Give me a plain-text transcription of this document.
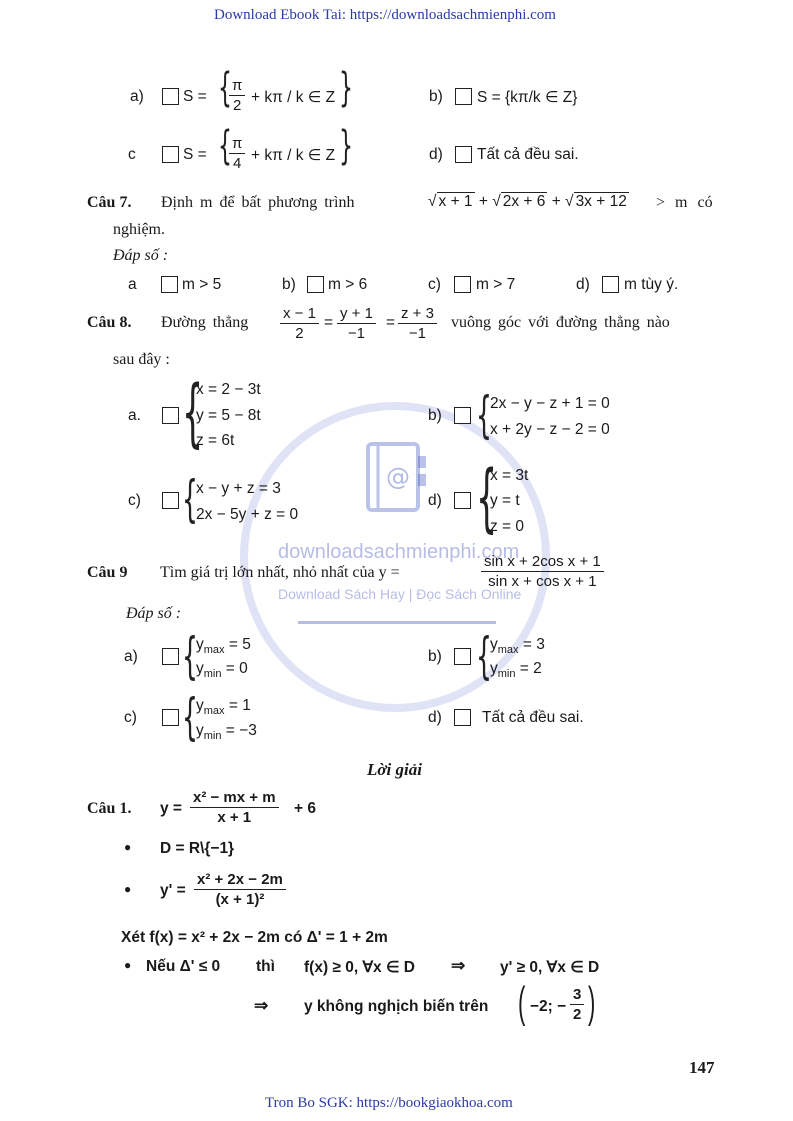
Download Ebook Tai: https://downloadsachmienphi.com
Tron Bo SGK: https://bookgiaokhoa.com
147
@
downloadsachmienphi.com
Download Sách Hay | Đọc Sách Online
a)	S = {
$\frac{\pi}{2} + k\pi / k$ ∈ Z }	b) S = {kπ/k ∈ Z}
c	S = {
$\frac{\pi}{4} + k\pi / k$ ∈ Z }	d) Tất cả đều sai.
Câu 7. Định m để bất phương trình	√ x + 1 + √ 2x + 6 + √ 3x + 12 > m có
nghiệm.
Đáp số :
a	m > 5	b) m > 6	c) m > 7	d) m tùy ý.
Câu 8. Đường thẳng $\frac{x - 1}{2} = \frac{y + 1}{-1} = \frac{z + 3}{-1}$ vuông góc với đường thẳng nào
sau đây :
a. {
x = 2 − 3t
y = 5 − 8t
z = 6t
b) {
2x − y − z + 1 = 0
x + 2y − z − 2 = 0
c) {
x − y + z = 3
2x − 5y + z = 0
d) {
x = 3t
y = t
z = 0
Câu 9 Tìm giá trị lớn nhất, nhỏ nhất của y =	$\frac{\text{sin x + 2cos x + 1}}{\text{sin x + cos x + 1}}$
Đáp số :
a) {
$y_{max} = 5$
$y_{min} = 0$
b) {
$y_{max} = 3$
$y_{min} = 2$
c) {
$y_{max} = 1$
$y_{min} = -3$
d)	Tất cả đều sai.
Lời giải
Câu 1. $y = \frac{\text{x² − mx + m}}{x + 1} + 6$
● D = R\{−1}
● $y' = \frac{\text{x² + 2x − 2m}}{\text{(x + 1)²}}$
Xét f(x) = x² + 2x − 2m có Δ' = 1 + 2m
● Nếu Δ' ≤ 0 thì f(x) ≥ 0, ∀x ∈ D ⇒ y' ≥ 0, ∀x ∈ D
⇒ y không nghịch biến trên ( −2; − $\frac{3}{2}$ )
